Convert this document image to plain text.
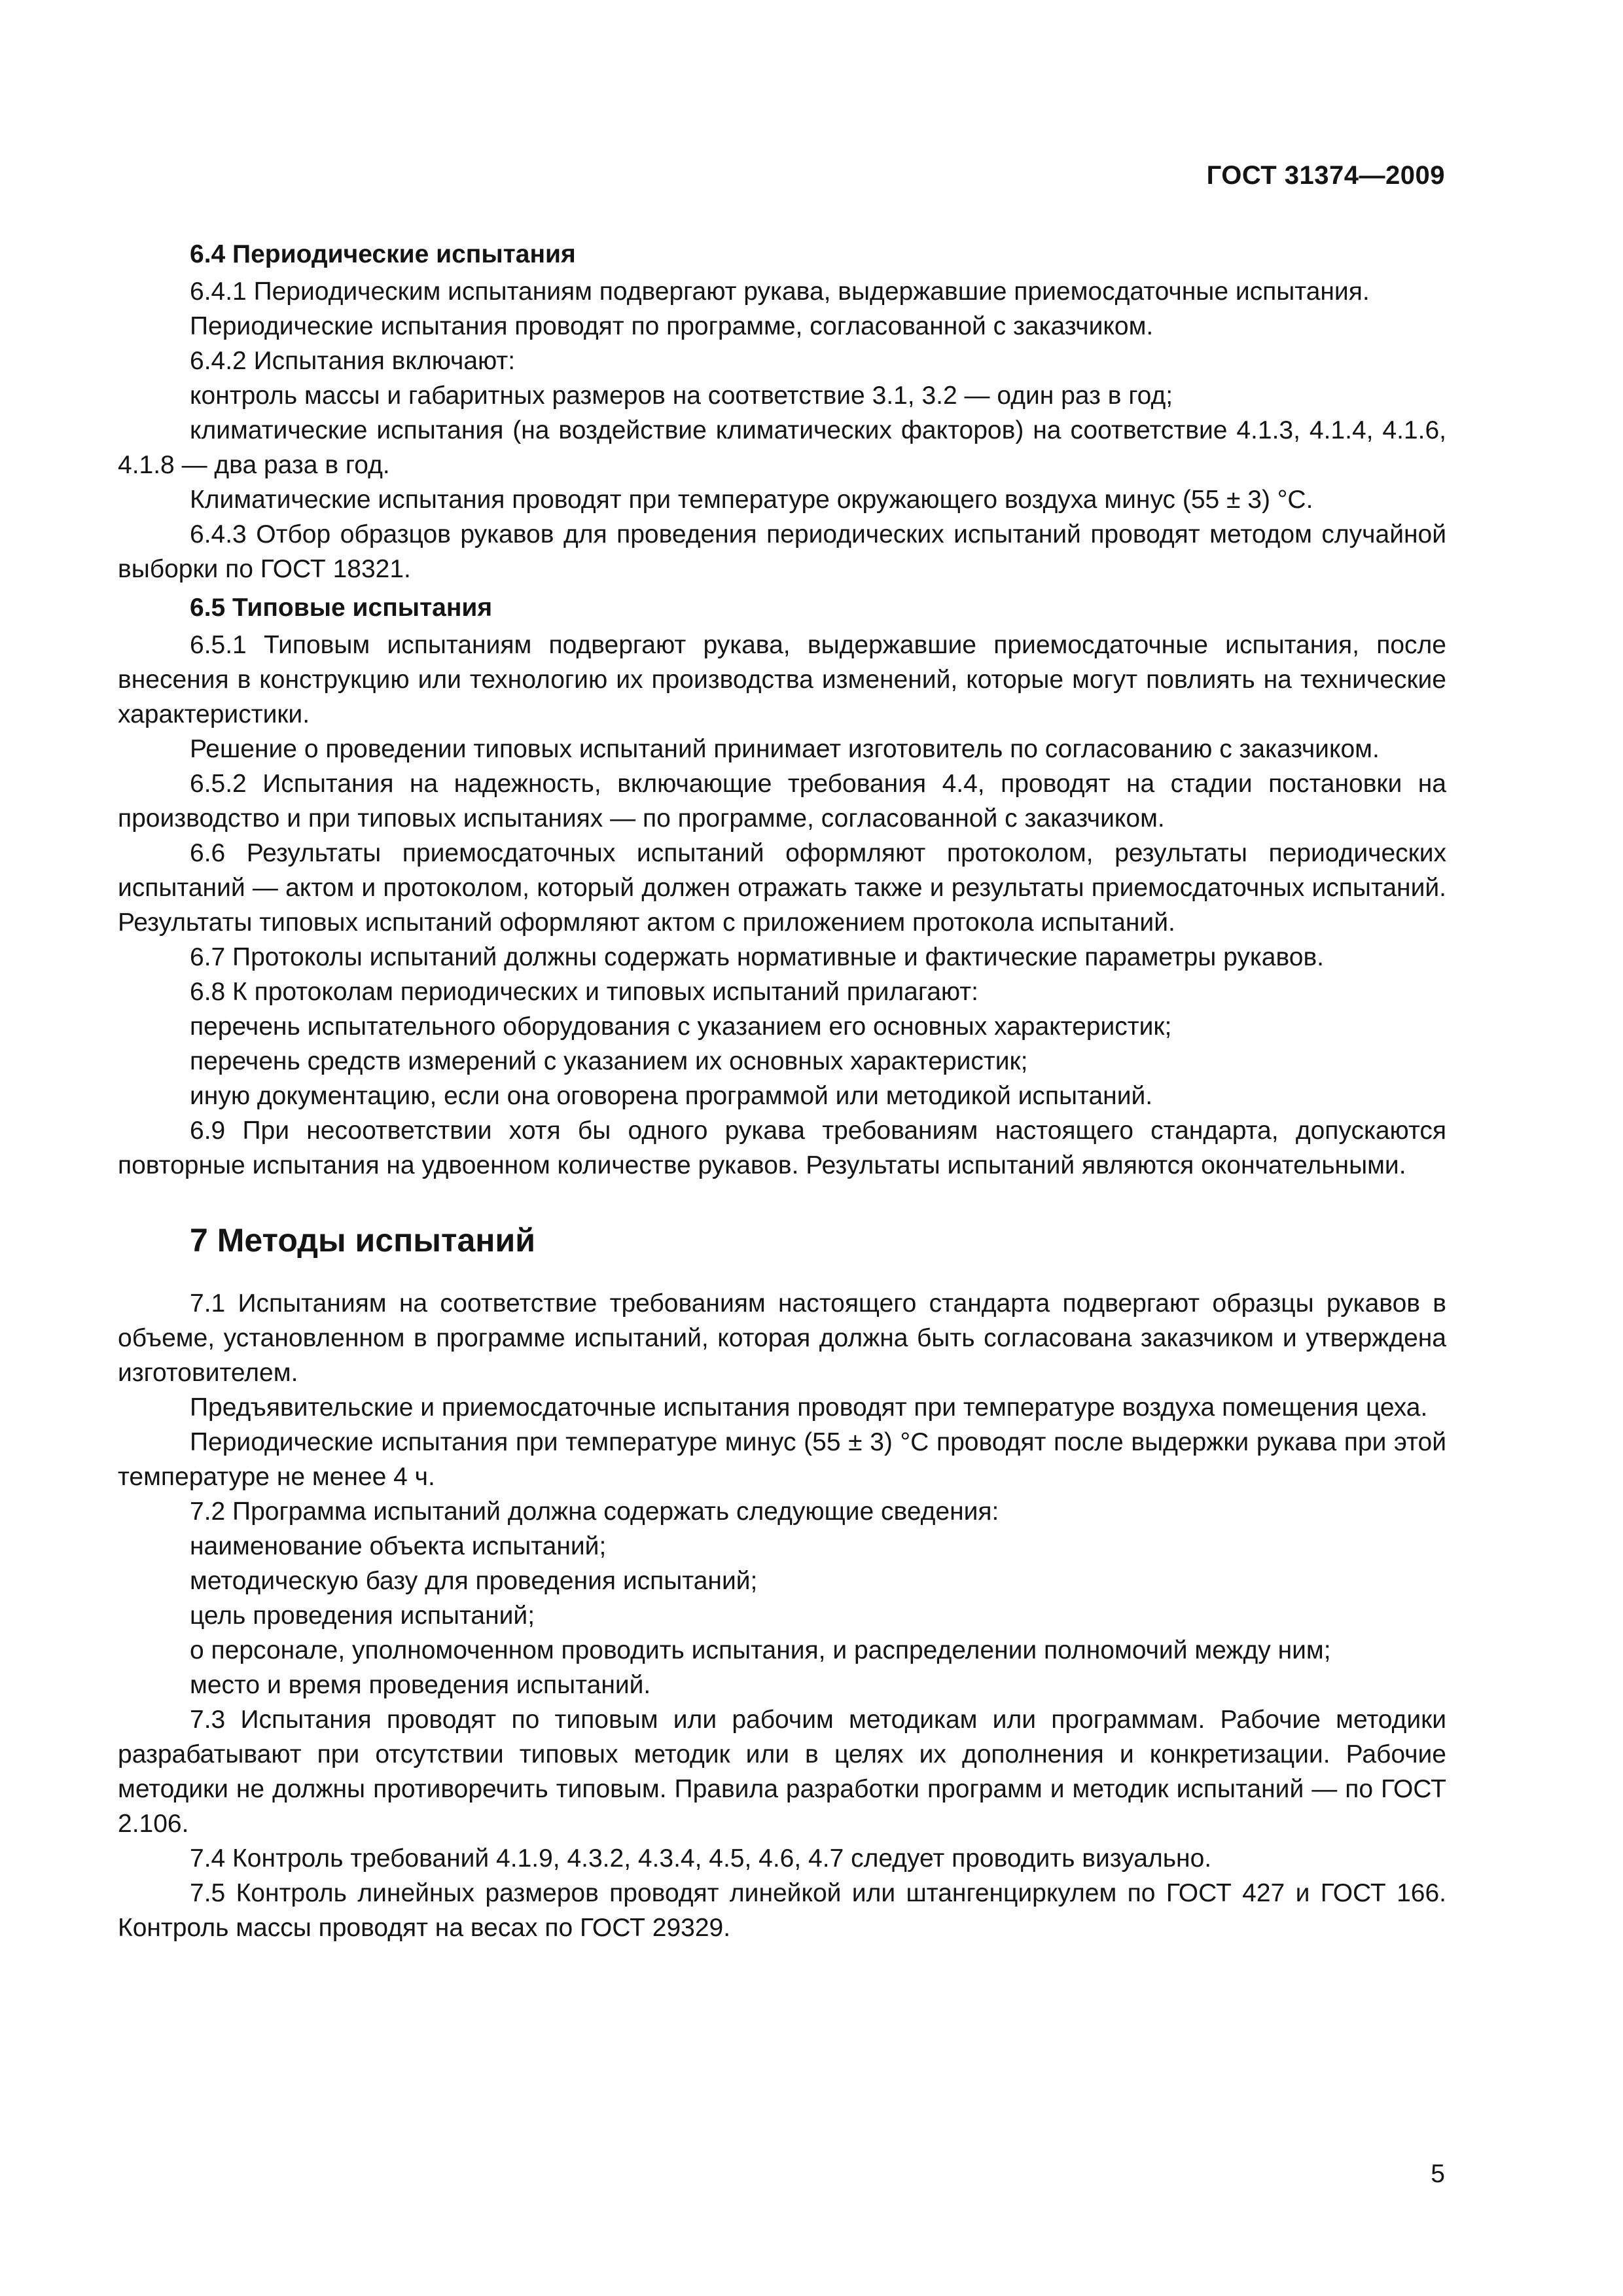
ГОСТ 31374—2009
6.4 Периодические испытания

6.4.1 Периодическим испытаниям подвергают рукава, выдержавшие приемосдаточные испытания.

Периодические испытания проводят по программе, согласованной с заказчиком.

6.4.2 Испытания включают:

контроль массы и габаритных размеров на соответствие 3.1, 3.2 — один раз в год;

климатические испытания (на воздействие климатических факторов) на соответствие 4.1.3, 4.1.4, 4.1.6, 4.1.8 — два раза в год.

Климатические испытания проводят при температуре окружающего воздуха минус (55 ± 3) °С.

6.4.3 Отбор образцов рукавов для проведения периодических испытаний проводят методом случайной выборки по ГОСТ 18321.

6.5 Типовые испытания

6.5.1 Типовым испытаниям подвергают рукава, выдержавшие приемосдаточные испытания, после внесения в конструкцию или технологию их производства изменений, которые могут повлиять на технические характеристики.

Решение о проведении типовых испытаний принимает изготовитель по согласованию с заказчиком.

6.5.2 Испытания на надежность, включающие требования 4.4, проводят на стадии постановки на производство и при типовых испытаниях — по программе, согласованной с заказчиком.

6.6 Результаты приемосдаточных испытаний оформляют протоколом, результаты периодических испытаний — актом и протоколом, который должен отражать также и результаты приемосдаточных испытаний. Результаты типовых испытаний оформляют актом с приложением протокола испытаний.

6.7 Протоколы испытаний должны содержать нормативные и фактические параметры рукавов.

6.8 К протоколам периодических и типовых испытаний прилагают:

перечень испытательного оборудования с указанием его основных характеристик;

перечень средств измерений с указанием их основных характеристик;

иную документацию, если она оговорена программой или методикой испытаний.

6.9 При несоответствии хотя бы одного рукава требованиям настоящего стандарта, допускаются повторные испытания на удвоенном количестве рукавов. Результаты испытаний являются окончательными.

7 Методы испытаний

7.1 Испытаниям на соответствие требованиям настоящего стандарта подвергают образцы рукавов в объеме, установленном в программе испытаний, которая должна быть согласована заказчиком и утверждена изготовителем.

Предъявительские и приемосдаточные испытания проводят при температуре воздуха помещения цеха.

Периодические испытания при температуре минус (55 ± 3) °С проводят после выдержки рукава при этой температуре не менее 4 ч.

7.2 Программа испытаний должна содержать следующие сведения:

наименование объекта испытаний;

методическую базу для проведения испытаний;

цель проведения испытаний;

о персонале, уполномоченном проводить испытания, и распределении полномочий между ним;

место и время проведения испытаний.

7.3 Испытания проводят по типовым или рабочим методикам или программам. Рабочие методики разрабатывают при отсутствии типовых методик или в целях их дополнения и конкретизации. Рабочие методики не должны противоречить типовым. Правила разработки программ и методик испытаний — по ГОСТ 2.106.

7.4 Контроль требований 4.1.9, 4.3.2, 4.3.4, 4.5, 4.6, 4.7 следует проводить визуально.

7.5 Контроль линейных размеров проводят линейкой или штангенциркулем по ГОСТ 427 и ГОСТ 166. Контроль массы проводят на весах по ГОСТ 29329.

5
